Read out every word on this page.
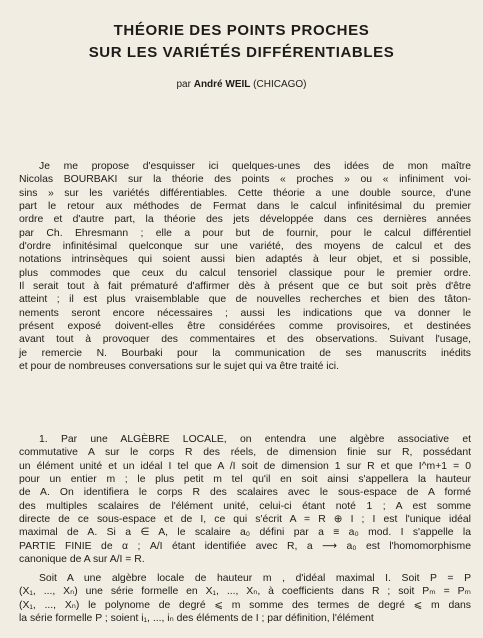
THÉORIE DES POINTS PROCHES
SUR LES VARIÉTÉS DIFFÉRENTIABLES

par André WEIL (CHICAGO)

Je me propose d'esquisser ici quelques-unes des idées de mon maître
Nicolas BOURBAKI sur la théorie des points « proches » ou « infiniment voi-
sins » sur les variétés différentiables. Cette théorie a une double source, d'une
part le retour aux méthodes de Fermat dans le calcul infinitésimal du premier
ordre et d'autre part, la théorie des jets développée dans ces dernières années
par Ch. Ehresmann ; elle a pour but de fournir, pour le calcul différentiel
d'ordre infinitésimal quelconque sur une variété, des moyens de calcul et des
notations intrinsèques qui soient aussi bien adaptés à leur objet, et si possible,
plus commodes que ceux du calcul tensoriel classique pour le premier ordre.
Il serait tout à fait prématuré d'affirmer dès à présent que ce but soit près d'être
atteint ; il est plus vraisemblable que de nouvelles recherches et bien des tâton-
nements seront encore nécessaires ; aussi les indications que va donner le
présent exposé doivent-elles être considérées comme provisoires, et destinées
avant tout à provoquer des commentaires et des observations. Suivant l'usage,
je remercie N. Bourbaki pour la communication de ses manuscrits inédits
et pour de nombreuses conversations sur le sujet qui va être traité ici.
1. Par une ALGÈBRE LOCALE, on entendra une algèbre associative et
commutative A sur le corps R des réels, de dimension finie sur R, possédant
un élément unité et un idéal I tel que A /I soit de dimension 1 sur R et que I^m+1 = 0
pour un entier m ; le plus petit m tel qu'il en soit ainsi s'appellera la hauteur
de A. On identifiera le corps R des scalaires avec le sous-espace de A formé
des multiples scalaires de l'élément unité, celui-ci étant noté 1 ; A est somme
directe de ce sous-espace et de I, ce qui s'écrit A = R ⊕ I ; I est l'unique idéal
maximal de A. Si a ∈ A, le scalaire a₀ défini par a ≡ a₀ mod. I s'appelle la
PARTIE FINIE de α ; A/I étant identifiée avec R, a ⟶ a₀ est l'homomorphisme
canonique de A sur A/I = R.
Soit A une algèbre locale de hauteur m , d'idéal maximal I. Soit P = P
(X₁, ..., Xₙ) une série formelle en X₁, ..., Xₙ, à coefficients dans R ; soit Pₘ = Pₘ
(X₁, ..., Xₙ) le polynome de degré ⩽ m somme des termes de degré ⩽ m dans
la série formelle P ; soient i₁, ..., iₙ des éléments de I ; par définition, l'élément
